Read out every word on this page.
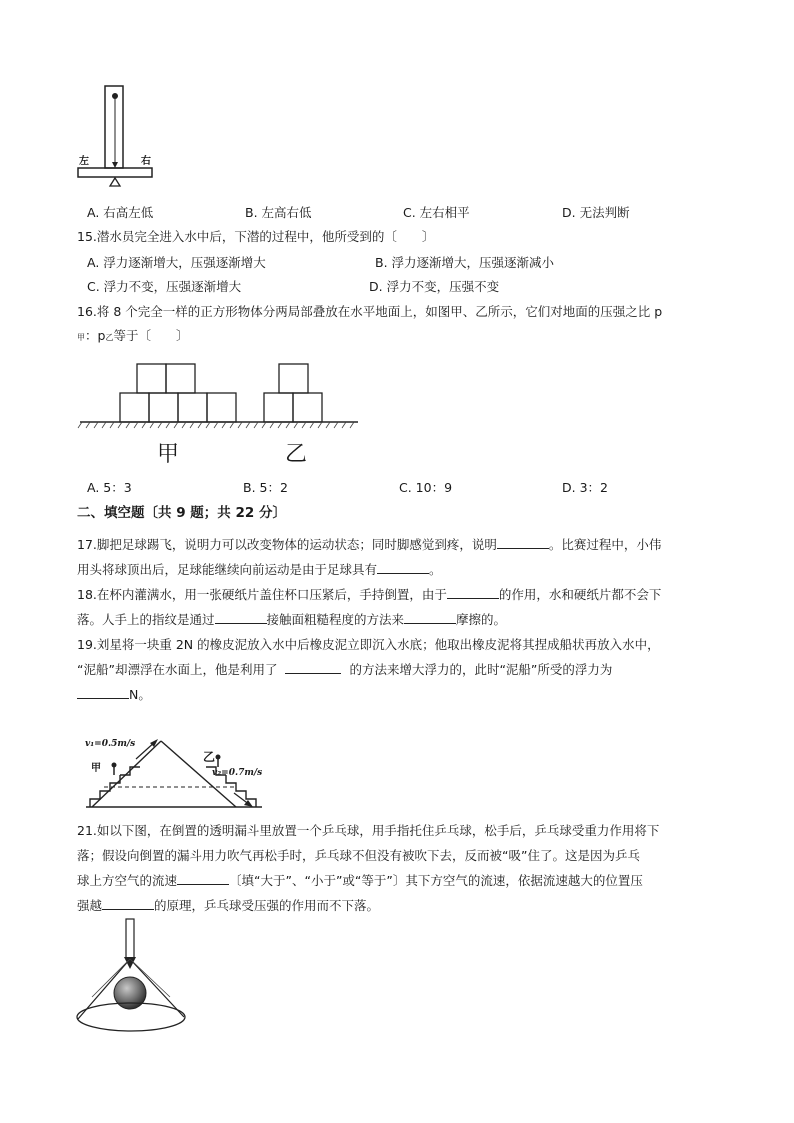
左	右
A. 右高左低	B. 左高右低	C. 左右相平	D. 无法判断
15.潜水员完全进入水中后，下潜的过程中，他所受到的〔　　〕
A. 浮力逐渐增大，压强逐渐增大	B. 浮力逐渐增大，压强逐渐减小
C. 浮力不变，压强逐渐增大	D. 浮力不变，压强不变
16.将 8 个完全一样的正方形物体分两局部叠放在水平地面上，如图甲、乙所示，它们对地面的压强之比 p
甲：p乙等于〔　　〕
甲	乙
A. 5：3	B. 5：2	C. 10：9	D. 3：2
二、填空题〔共 9 题；共 22 分〕
17.脚把足球踢飞，说明力可以改变物体的运动状态；同时脚感觉到疼，说明	。比赛过程中，小伟
用头将球顶出后，足球能继续向前运动是由于足球具有	。
18.在杯内灌满水，用一张硬纸片盖住杯口压紧后，手持倒置，由于	的作用，水和硬纸片都不会下
落。人手上的指纹是通过	接触面粗糙程度的方法来	摩擦的。
19.刘星将一块重 2N 的橡皮泥放入水中后橡皮泥立即沉入水底；他取出橡皮泥将其捏成船状再放入水中，
“泥船”却漂浮在水面上，他是利用了	的方法来增大浮力的，此时“泥船”所受的浮力为
N。
v₁=0.5m/s
v₂=0.7m/s
甲
乙
21.如以下图，在倒置的透明漏斗里放置一个乒乓球，用手指托住乒乓球，松手后，乒乓球受重力作用将下
落；假设向倒置的漏斗用力吹气再松手时，乒乓球不但没有被吹下去，反而被“吸”住了。这是因为乒乓
球上方空气的流速	〔填“大于”、“小于”或“等于”〕其下方空气的流速，依据流速越大的位置压
强越	的原理，乒乓球受压强的作用而不下落。
